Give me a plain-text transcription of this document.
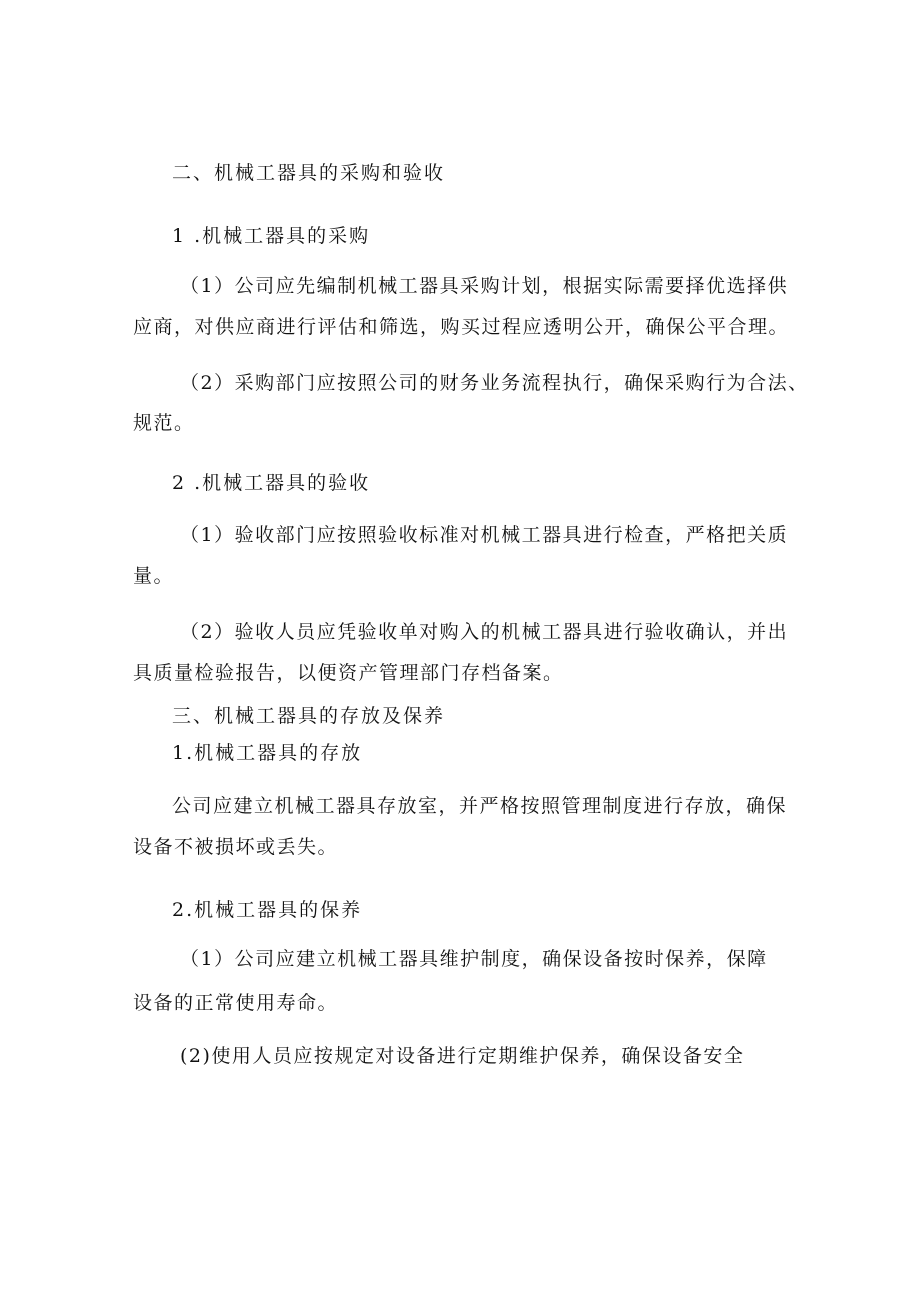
二、机械工器具的采购和验收

1 .机械工器具的采购

（1）公司应先编制机械工器具采购计划，根据实际需要择优选择供

应商，对供应商进行评估和筛选，购买过程应透明公开，确保公平合理。

（2）采购部门应按照公司的财务业务流程执行，确保采购行为合法、

规范。

2 .机械工器具的验收

（1）验收部门应按照验收标准对机械工器具进行检查，严格把关质

量。

（2）验收人员应凭验收单对购入的机械工器具进行验收确认，并出

具质量检验报告，以便资产管理部门存档备案。

三、机械工器具的存放及保养

1.机械工器具的存放

公司应建立机械工器具存放室，并严格按照管理制度进行存放，确保

设备不被损坏或丢失。

2.机械工器具的保养

（1）公司应建立机械工器具维护制度，确保设备按时保养，保障

设备的正常使用寿命。

(2)使用人员应按规定对设备进行定期维护保养，确保设备安全
